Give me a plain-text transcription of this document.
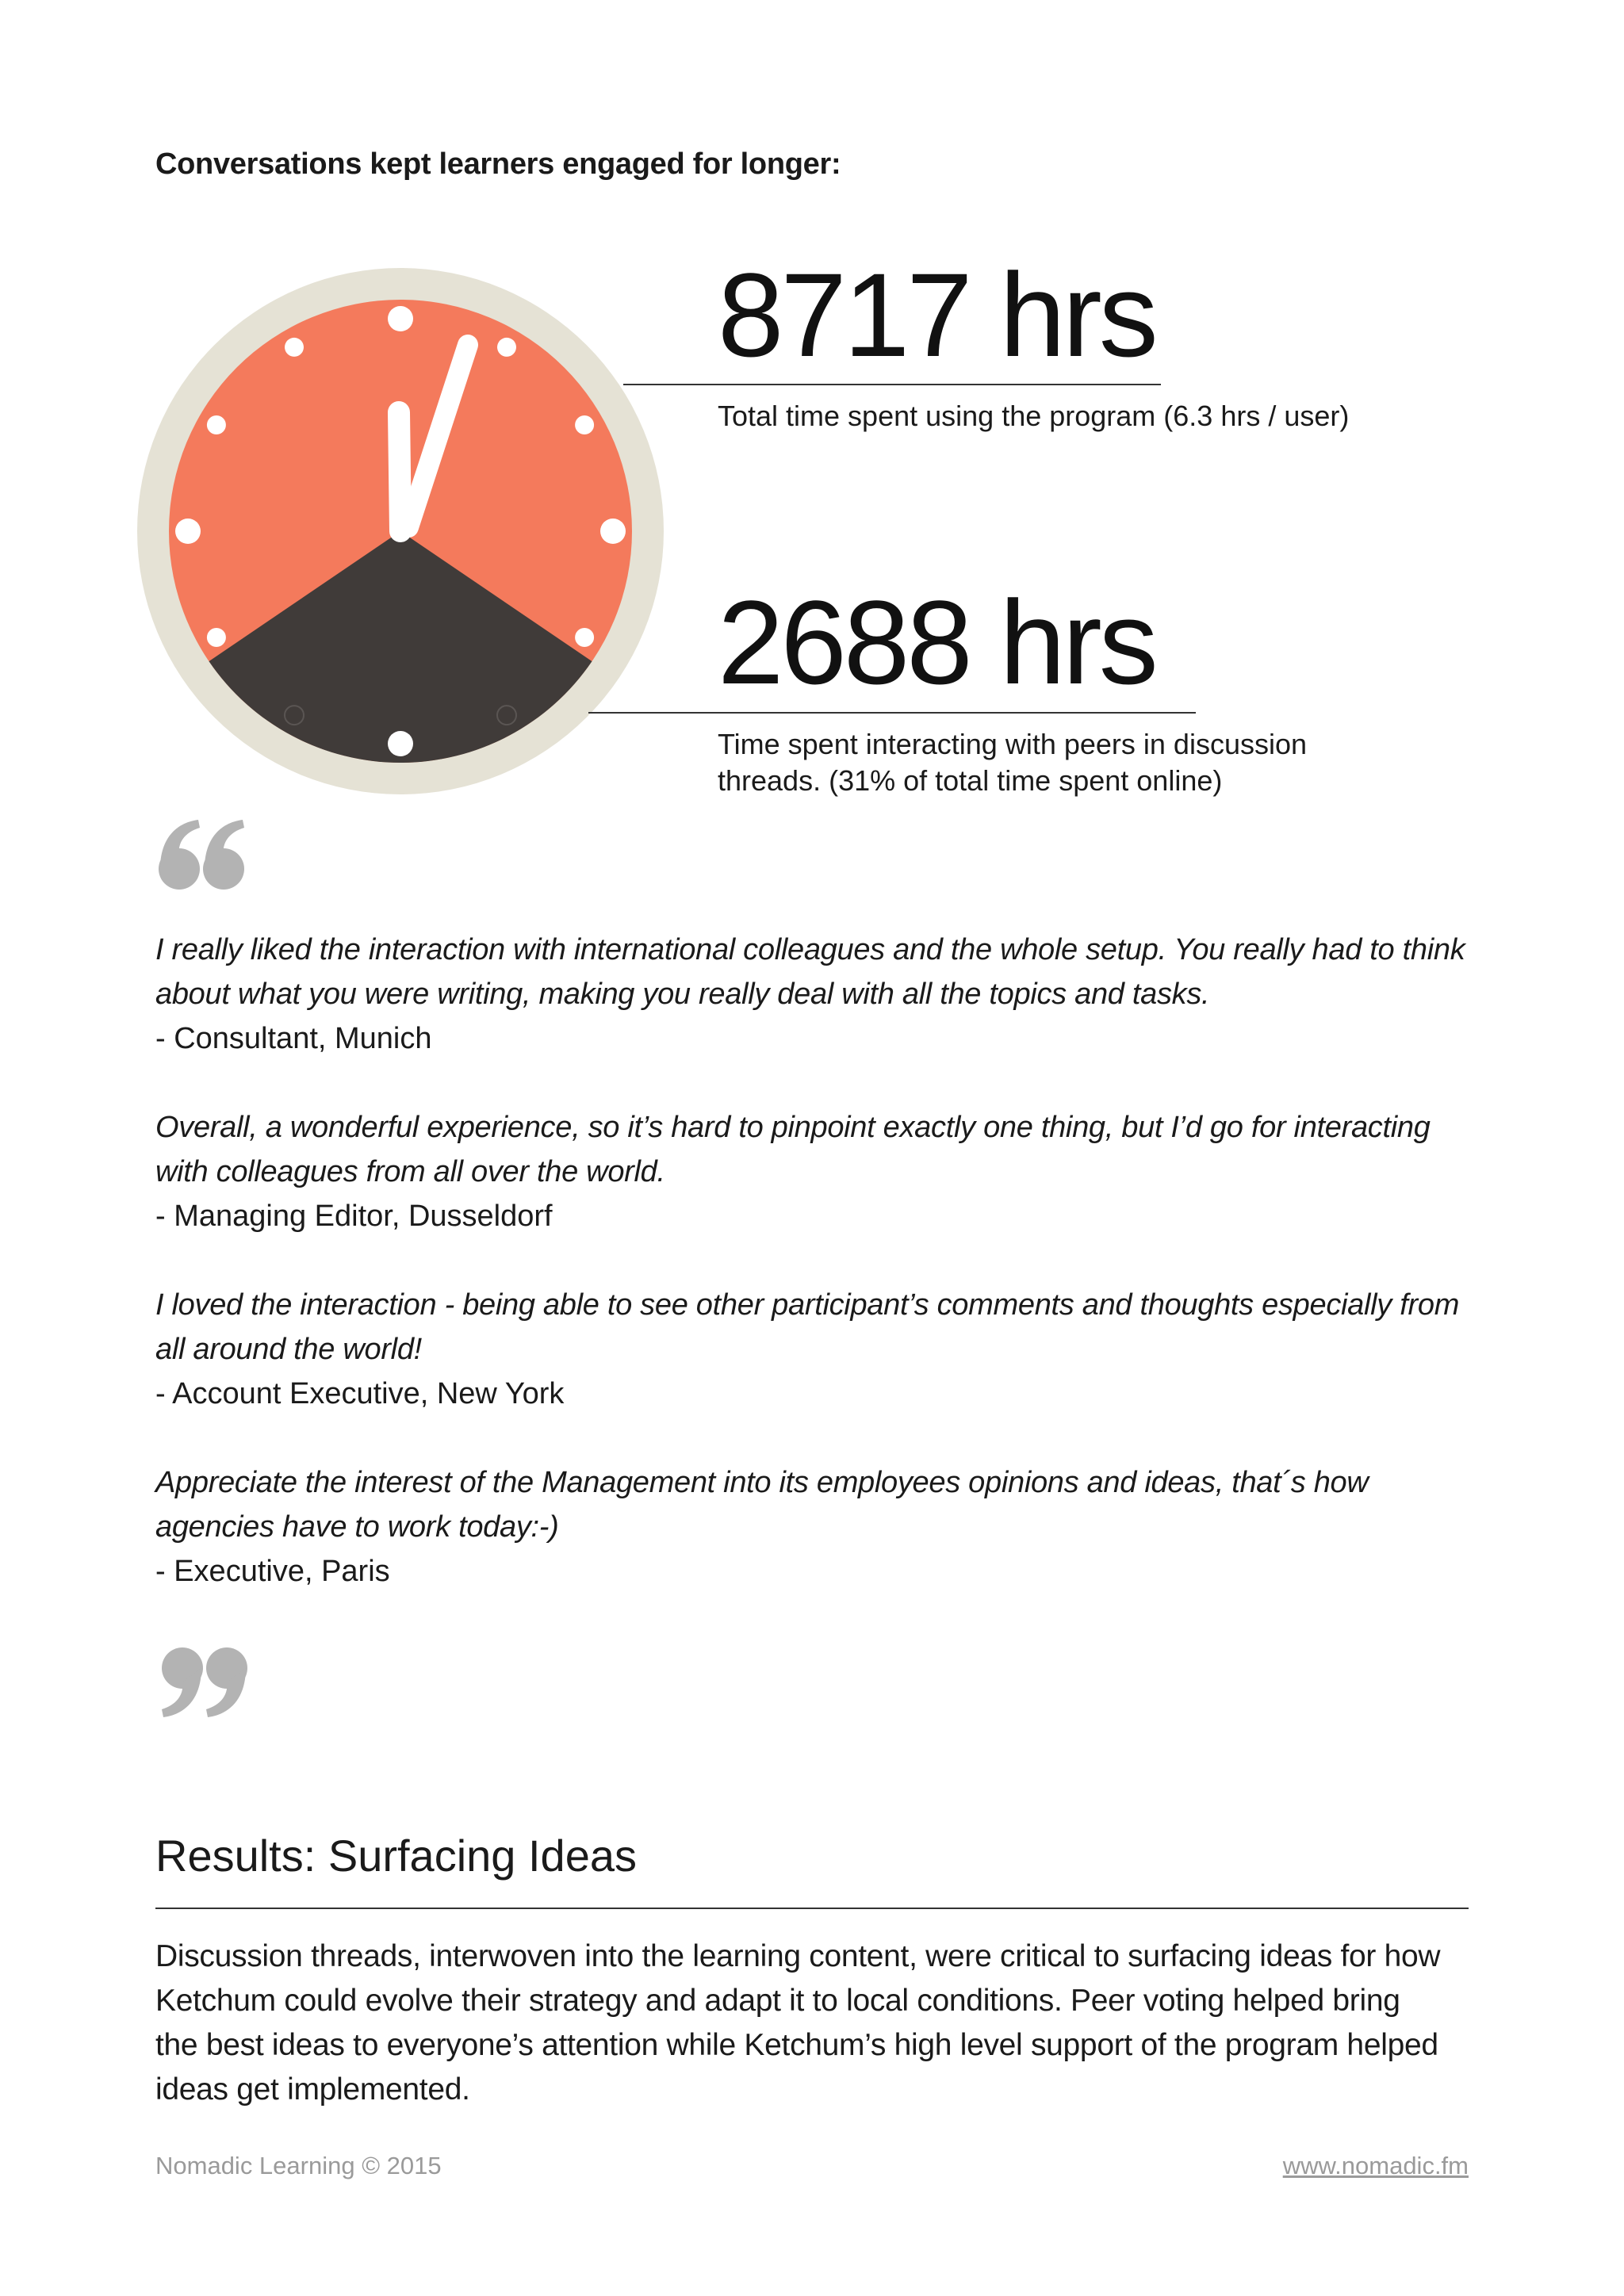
Conversations kept learners engaged for longer:
8717 hrs
Total time spent using the program (6.3 hrs / user)
2688 hrs
Time spent interacting with peers in discussion
threads. (31% of total time spent online)
I really liked the interaction with international colleagues and the whole setup. You really had to think
about what you were writing, making you really deal with all the topics and tasks.
- Consultant, Munich
Overall, a wonderful experience, so it’s hard to pinpoint exactly one thing, but I’d go for interacting
with colleagues from all over the world.
- Managing Editor, Dusseldorf
I loved the interaction - being able to see other participant’s comments and thoughts especially from
all around the world!
- Account Executive, New York
Appreciate the interest of the Management into its employees opinions and ideas, that´s how
agencies have to work today:-)
- Executive, Paris
Results: Surfacing Ideas
Discussion threads, interwoven into the learning content, were critical to surfacing ideas for how
Ketchum could evolve their strategy and adapt it to local conditions. Peer voting helped bring
the best ideas to everyone’s attention while Ketchum’s high level support of the program helped
ideas get implemented.
Nomadic Learning © 2015	www.nomadic.fm
